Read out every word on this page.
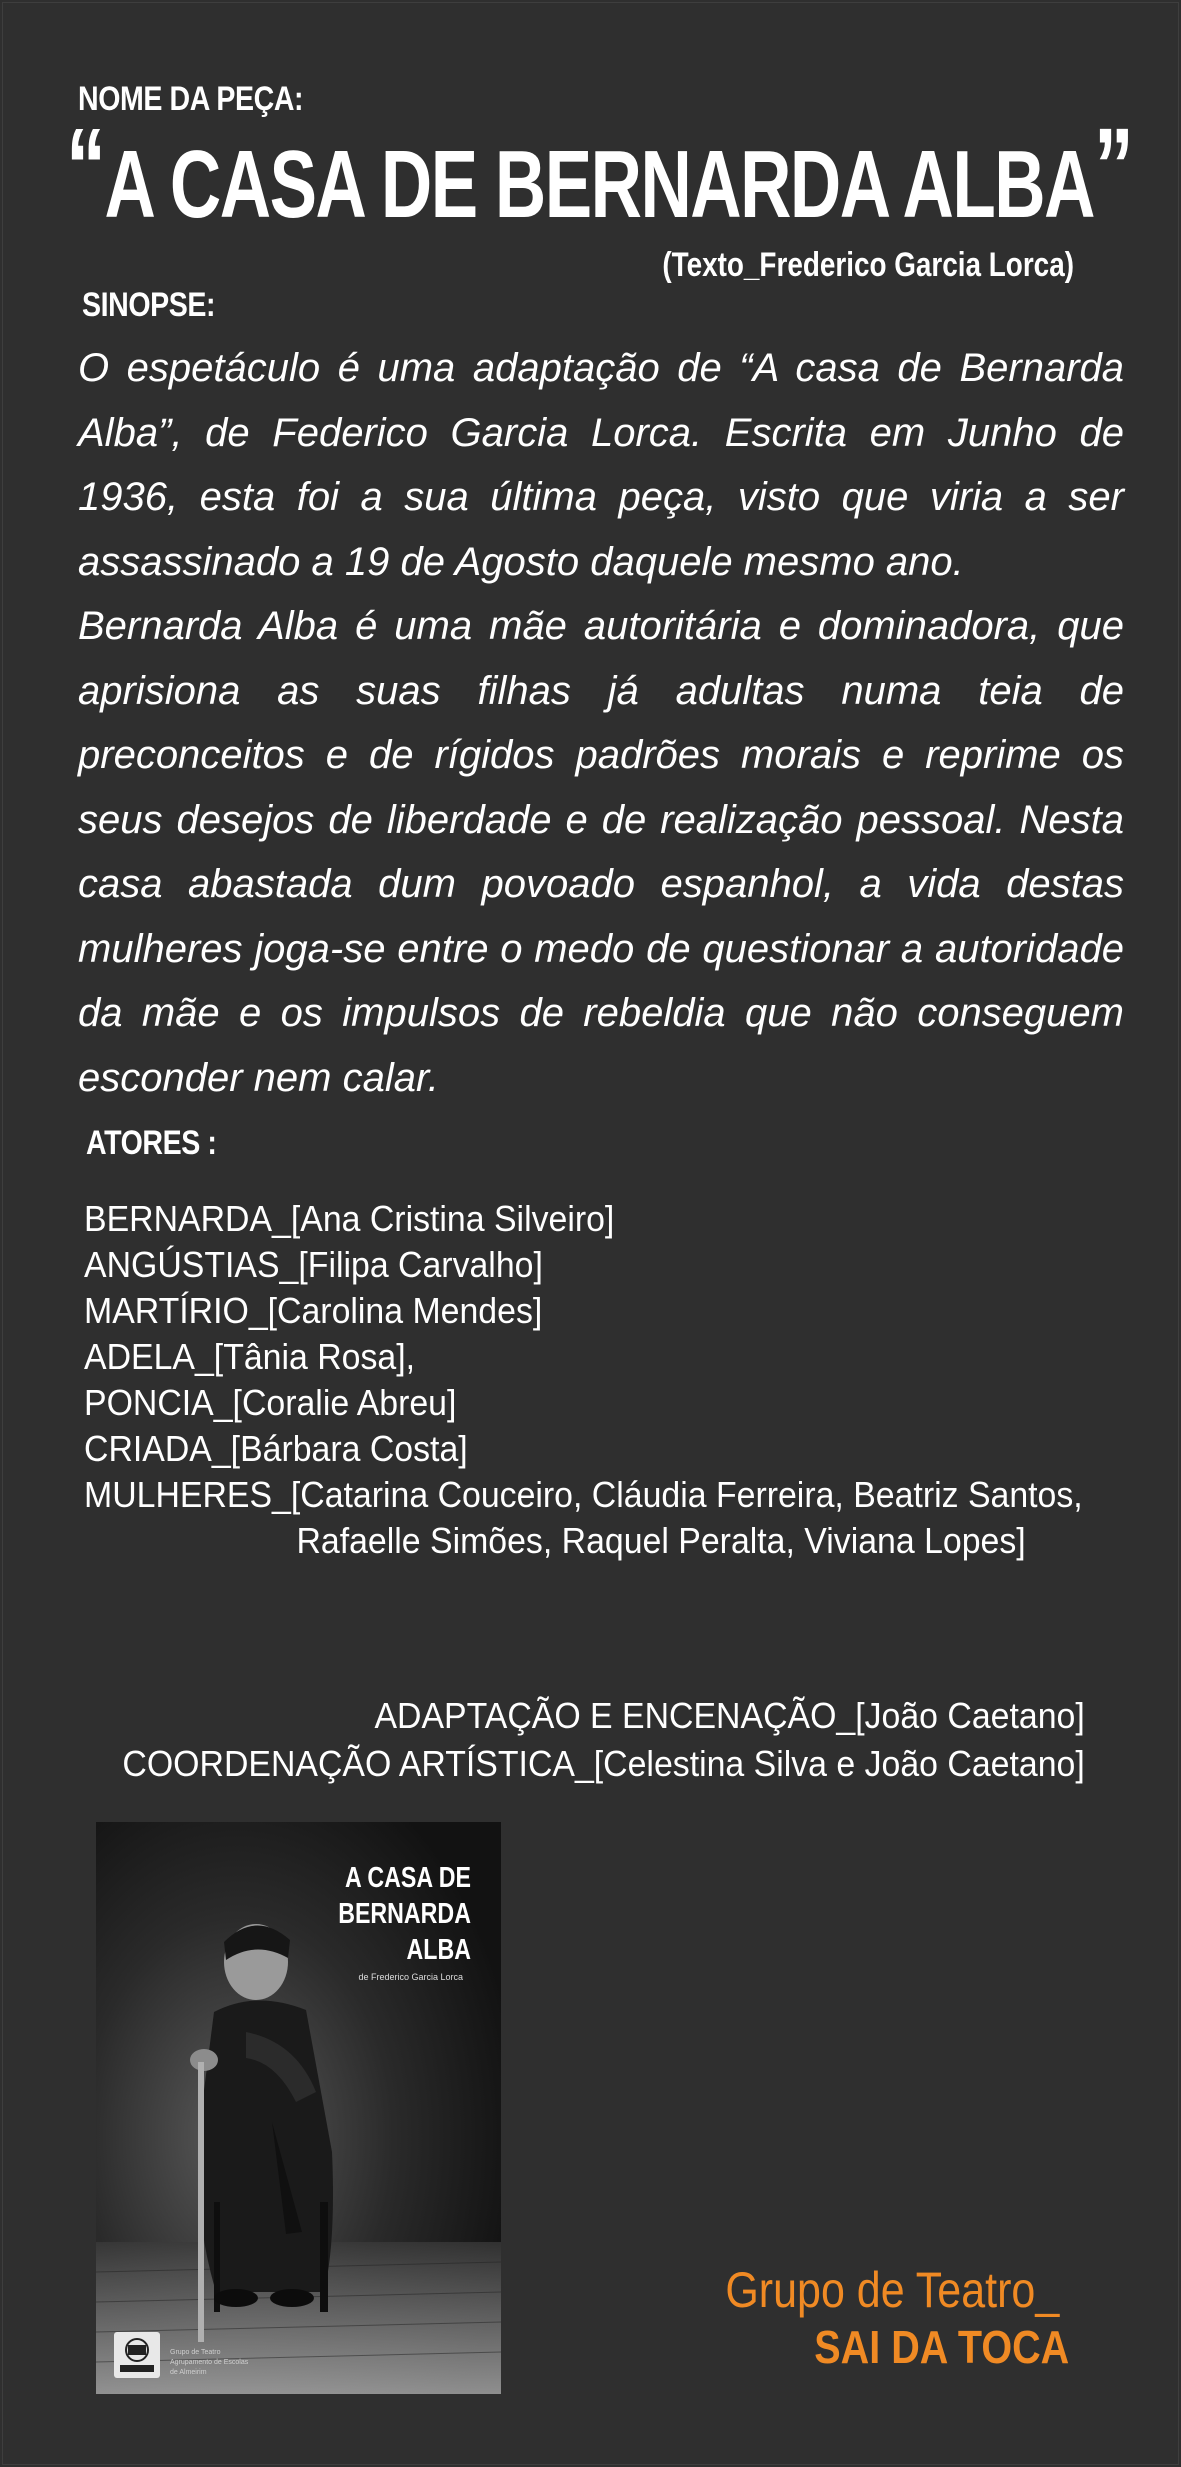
NOME DA PEÇA:
“A CASA DE BERNARDA ALBA”
(Texto_Frederico Garcia Lorca)
SINOPSE:

O espetáculo é uma adaptação de “A casa de Bernarda Alba”, de Federico Garcia Lorca. Escrita em Junho de 1936, esta foi a sua última peça, visto que viria a ser assassinado a 19 de Agosto daquele mesmo ano.

Bernarda Alba é uma mãe autoritária e dominadora, que aprisiona as suas filhas já adultas numa teia de preconceitos e de rígidos padrões morais e reprime os seus desejos de liberdade e de realização pessoal. Nesta casa abastada dum povoado espanhol, a vida destas mulheres joga-se entre o medo de questionar a autoridade da mãe e os impulsos de rebeldia que não conseguem esconder nem calar.

ATORES :
BERNARDA_[Ana Cristina Silveiro]
ANGÚSTIAS_[Filipa Carvalho]
MARTÍRIO_[Carolina Mendes]
ADELA_[Tânia Rosa],
PONCIA_[Coralie Abreu]
CRIADA_[Bárbara Costa]
MULHERES_[Catarina Couceiro, Cláudia Ferreira, Beatriz Santos,
Rafaelle Simões, Raquel Peralta, Viviana Lopes]
ADAPTAÇÃO E ENCENAÇÃO_[João Caetano]
COORDENAÇÃO ARTÍSTICA_[Celestina Silva e João Caetano]
A CASA DE
BERNARDA
ALBA
de Frederico Garcia Lorca
Grupo de Teatro
Agrupamento de Escolas
de Almeirim
Grupo de Teatro_
SAI DA TOCA
